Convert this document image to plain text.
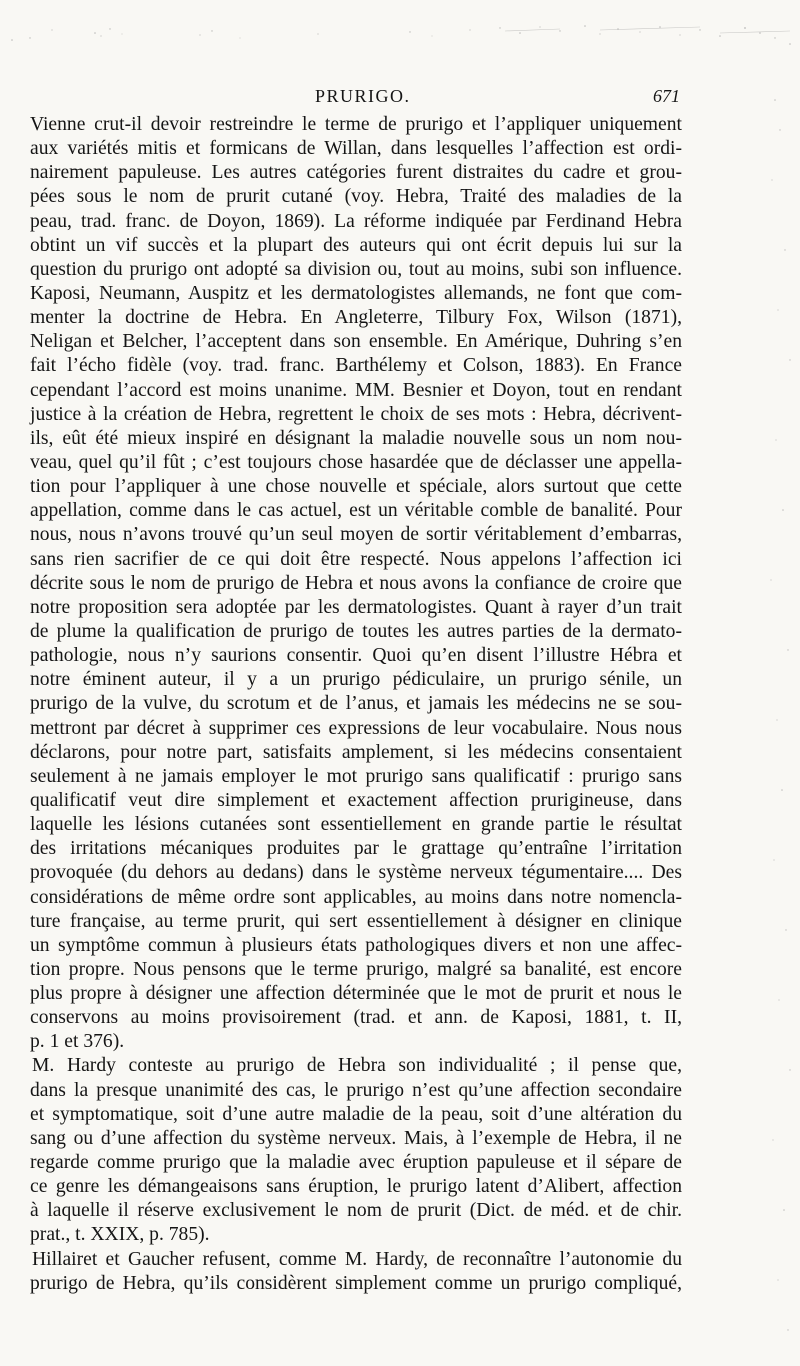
PRURIGO.	671
Vienne crut-il devoir restreindre le terme de prurigo et l’appliquer uniquement
aux variétés mitis et formicans de Willan, dans lesquelles l’affection est ordi-
nairement papuleuse. Les autres catégories furent distraites du cadre et grou-
pées sous le nom de prurit cutané (voy. Hebra, Traité des maladies de la
peau, trad. franc. de Doyon, 1869). La réforme indiquée par Ferdinand Hebra
obtint un vif succès et la plupart des auteurs qui ont écrit depuis lui sur la
question du prurigo ont adopté sa division ou, tout au moins, subi son influence.
Kaposi, Neumann, Auspitz et les dermatologistes allemands, ne font que com-
menter la doctrine de Hebra. En Angleterre, Tilbury Fox, Wilson (1871),
Neligan et Belcher, l’acceptent dans son ensemble. En Amérique, Duhring s’en
fait l’écho fidèle (voy. trad. franc. Barthélemy et Colson, 1883). En France
cependant l’accord est moins unanime. MM. Besnier et Doyon, tout en rendant
justice à la création de Hebra, regrettent le choix de ses mots : Hebra, décrivent-
ils, eût été mieux inspiré en désignant la maladie nouvelle sous un nom nou-
veau, quel qu’il fût ; c’est toujours chose hasardée que de déclasser une appella-
tion pour l’appliquer à une chose nouvelle et spéciale, alors surtout que cette
appellation, comme dans le cas actuel, est un véritable comble de banalité. Pour
nous, nous n’avons trouvé qu’un seul moyen de sortir véritablement d’embarras,
sans rien sacrifier de ce qui doit être respecté. Nous appelons l’affection ici
décrite sous le nom de prurigo de Hebra et nous avons la confiance de croire que
notre proposition sera adoptée par les dermatologistes. Quant à rayer d’un trait
de plume la qualification de prurigo de toutes les autres parties de la dermato-
pathologie, nous n’y saurions consentir. Quoi qu’en disent l’illustre Hébra et
notre éminent auteur, il y a un prurigo pédiculaire, un prurigo sénile, un
prurigo de la vulve, du scrotum et de l’anus, et jamais les médecins ne se sou-
mettront par décret à supprimer ces expressions de leur vocabulaire. Nous nous
déclarons, pour notre part, satisfaits amplement, si les médecins consentaient
seulement à ne jamais employer le mot prurigo sans qualificatif : prurigo sans
qualificatif veut dire simplement et exactement affection prurigineuse, dans
laquelle les lésions cutanées sont essentiellement en grande partie le résultat
des irritations mécaniques produites par le grattage qu’entraîne l’irritation
provoquée (du dehors au dedans) dans le système nerveux tégumentaire.... Des
considérations de même ordre sont applicables, au moins dans notre nomencla-
ture française, au terme prurit, qui sert essentiellement à désigner en clinique
un symptôme commun à plusieurs états pathologiques divers et non une affec-
tion propre. Nous pensons que le terme prurigo, malgré sa banalité, est encore
plus propre à désigner une affection déterminée que le mot de prurit et nous le
conservons au moins provisoirement (trad. et ann. de Kaposi, 1881, t. II,
p. 1 et 376).
M. Hardy conteste au prurigo de Hebra son individualité ; il pense que,
dans la presque unanimité des cas, le prurigo n’est qu’une affection secondaire
et symptomatique, soit d’une autre maladie de la peau, soit d’une altération du
sang ou d’une affection du système nerveux. Mais, à l’exemple de Hebra, il ne
regarde comme prurigo que la maladie avec éruption papuleuse et il sépare de
ce genre les démangeaisons sans éruption, le prurigo latent d’Alibert, affection
à laquelle il réserve exclusivement le nom de prurit (Dict. de méd. et de chir.
prat., t. XXIX, p. 785).
Hillairet et Gaucher refusent, comme M. Hardy, de reconnaître l’autonomie du
prurigo de Hebra, qu’ils considèrent simplement comme un prurigo compliqué,
